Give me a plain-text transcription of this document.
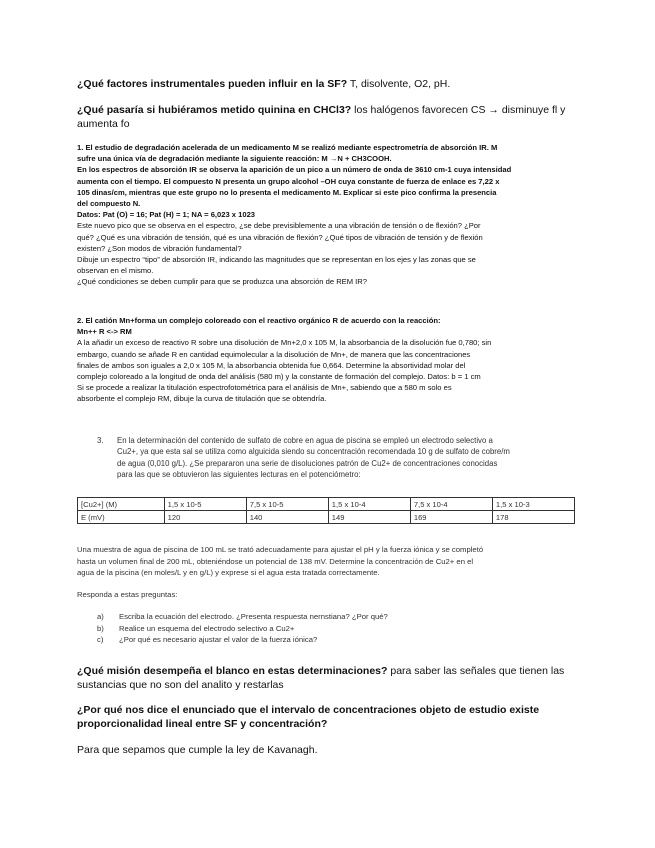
¿Qué factores instrumentales pueden influir en la SF? T, disolvente, O2, pH.
¿Qué pasaría si hubiéramos metido quinina en CHCl3? los halógenos favorecen CS → disminuye fl y
aumenta fo
1. El estudio de degradación acelerada de un medicamento M se realizó mediante espectrometría de absorción IR. M
sufre una única vía de degradación mediante la siguiente reacción: M →N + CH3COOH.
En los espectros de absorción IR se observa la aparición de un pico a un número de onda de 3610 cm-1 cuya intensidad
aumenta con el tiempo. El compuesto N presenta un grupo alcohol –OH cuya constante de fuerza de enlace es 7,22 x
105 dinas/cm, mientras que este grupo no lo presenta el medicamento M. Explicar si este pico confirma la presencia
del compuesto N.
Datos: Pat (O) = 16; Pat (H) = 1; NA = 6,023 x 1023
Este nuevo pico que se observa en el espectro, ¿se debe previsiblemente a una vibración de tensión o de flexión? ¿Por
qué? ¿Qué es una vibración de tensión, qué es una vibración de flexión? ¿Qué tipos de vibración de tensión y de flexión
existen? ¿Son modos de vibración fundamental?
Dibuje un espectro “tipo” de absorción IR, indicando las magnitudes que se representan en los ejes y las zonas que se
observan en el mismo.
¿Qué condiciones se deben cumplir para que se produzca una absorción de REM IR?
2. El catión Mn+forma un complejo coloreado con el reactivo orgánico R de acuerdo con la reacción:
Mn++ R <-> RM
A la añadir un exceso de reactivo R sobre una disolución de Mn+2,0 x 105 M, la absorbancia de la disolución fue 0,780; sin
embargo, cuando se añade R en cantidad equimolecular a la disolución de Mn+, de manera que las concentraciones
finales de ambos son iguales a 2,0 x 105 M, la absorbancia obtenida fue 0,664. Determine la absortividad molar del
complejo coloreado a la longitud de onda del análisis (580 m) y la constante de formación del complejo. Datos: b = 1 cm
Si se procede a realizar la titulación espectrofotométrica para el análisis de Mn+, sabiendo que a 580 m solo es
absorbente el complejo RM, dibuje la curva de titulación que se obtendría.
3. En la determinación del contenido de sulfato de cobre en agua de piscina se empleó un electrodo selectivo a
Cu2+, ya que esta sal se utiliza como alguicida siendo su concentración recomendada 10 g de sulfato de cobre/m
de agua (0,010 g/L). ¿Se prepararon una serie de disoluciones patrón de Cu2+ de concentraciones conocidas
para las que se obtuvieron las siguientes lecturas en el potenciómetro:
[Cu2+] (M)	1,5 x 10-5	7,5 x 10-5	1,5 x 10-4	7,5 x 10-4	1,5 x 10-3
E (mV)	120	140	149	169	178
Una muestra de agua de piscina de 100 mL se trató adecuadamente para ajustar el pH y la fuerza iónica y se completó
hasta un volumen final de 200 mL, obteniéndose un potencial de 138 mV. Determine la concentración de Cu2+ en el
agua de la piscina (en moles/L y en g/L) y exprese si el agua esta tratada correctamente.
Responda a estas preguntas:
a)	Escriba la ecuación del electrodo. ¿Presenta respuesta nernstiana? ¿Por qué?
b)	Realice un esquema del electrodo selectivo a Cu2+
c)	¿Por qué es necesario ajustar el valor de la fuerza iónica?
¿Qué misión desempeña el blanco en estas determinaciones? para saber las señales que tienen las
sustancias que no son del analito y restarlas
¿Por qué nos dice el enunciado que el intervalo de concentraciones objeto de estudio existe
proporcionalidad lineal entre SF y concentración?
Para que sepamos que cumple la ley de Kavanagh.
